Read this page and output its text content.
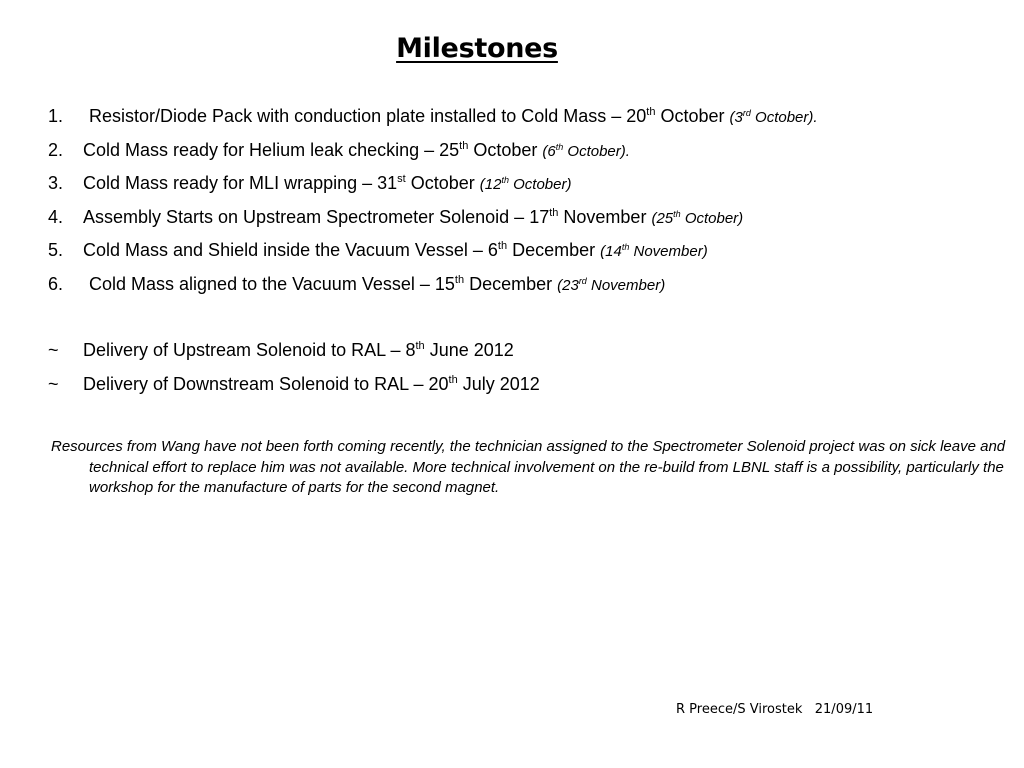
Milestones
1. Resistor/Diode Pack with conduction plate installed to Cold Mass – 20th October (3rd October).
2. Cold Mass ready for Helium leak checking – 25th October (6th October).
3. Cold Mass ready for MLI wrapping – 31st October (12th October)
4. Assembly Starts on Upstream Spectrometer Solenoid – 17th November (25th October)
5. Cold Mass and Shield inside the Vacuum Vessel – 6th December (14th November)
6. Cold Mass aligned to the Vacuum Vessel – 15th December (23rd November)
~ Delivery of Upstream Solenoid to RAL – 8th June 2012
~ Delivery of Downstream Solenoid to RAL – 20th July 2012

Resources from Wang have not been forth coming recently, the technician assigned to the Spectrometer Solenoid project was on sick leave and technical effort to replace him was not available. More technical involvement on the re-build from LBNL staff is a possibility, particularly the workshop for the manufacture of parts for the second magnet.

R Preece/S Virostek   21/09/11
